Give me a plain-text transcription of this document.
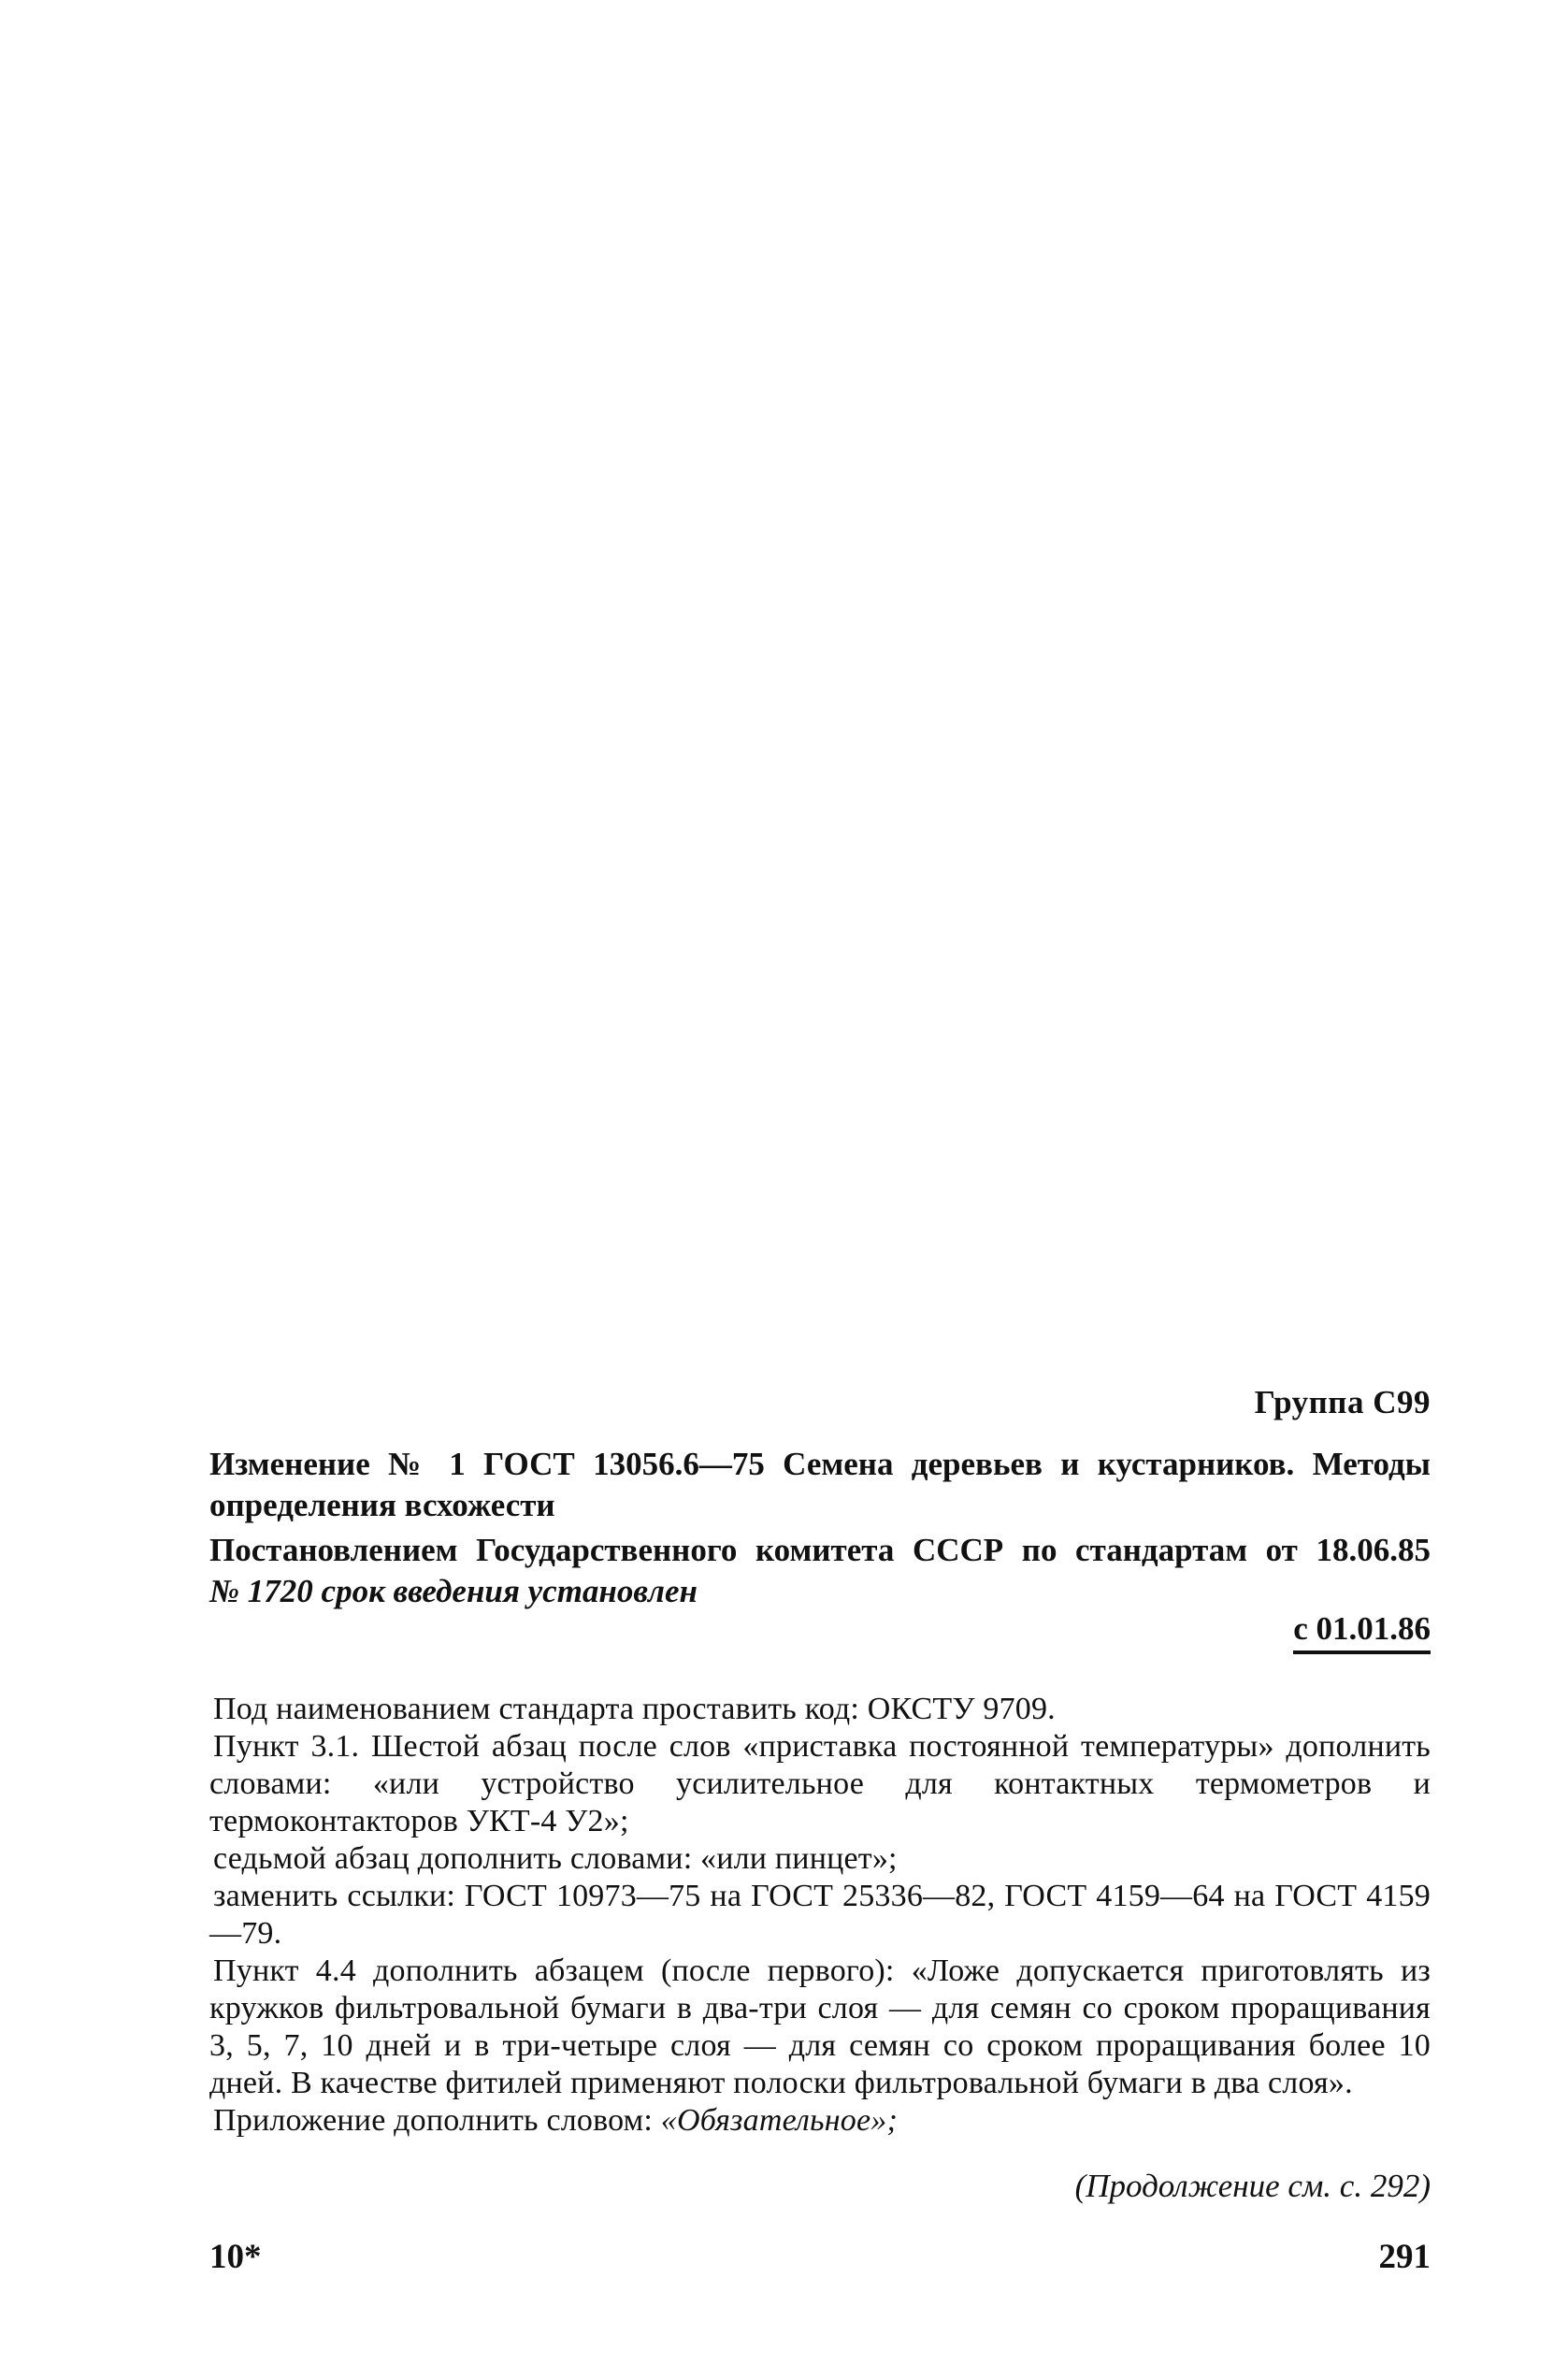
Группа С99
Изменение № 1 ГОСТ 13056.6—75 Семена деревьев и кустарников. Методы определения всхожести
Постановлением Государственного комитета СССР по стандартам от 18.06.85
№ 1720 срок введения установлен
с 01.01.86

Под наименованием стандарта проставить код: ОКСТУ 9709.

Пункт 3.1. Шестой абзац после слов «приставка постоянной температуры» дополнить словами: «или устройство усилительное для контактных термометров и термоконтакторов УКТ-4 У2»;

седьмой абзац дополнить словами: «или пинцет»;

заменить ссылки: ГОСТ 10973—75 на ГОСТ 25336—82, ГОСТ 4159—64 на ГОСТ 4159—79.

Пункт 4.4 дополнить абзацем (после первого): «Ложе допускается приготовлять из кружков фильтровальной бумаги в два-три слоя — для семян со сроком проращивания 3, 5, 7, 10 дней и в три-четыре слоя — для семян со сроком проращивания более 10 дней. В качестве фитилей применяют полоски фильтровальной бумаги в два слоя».

Приложение дополнить словом: «Обязательное»;

(Продолжение см. с. 292)
10*	291
